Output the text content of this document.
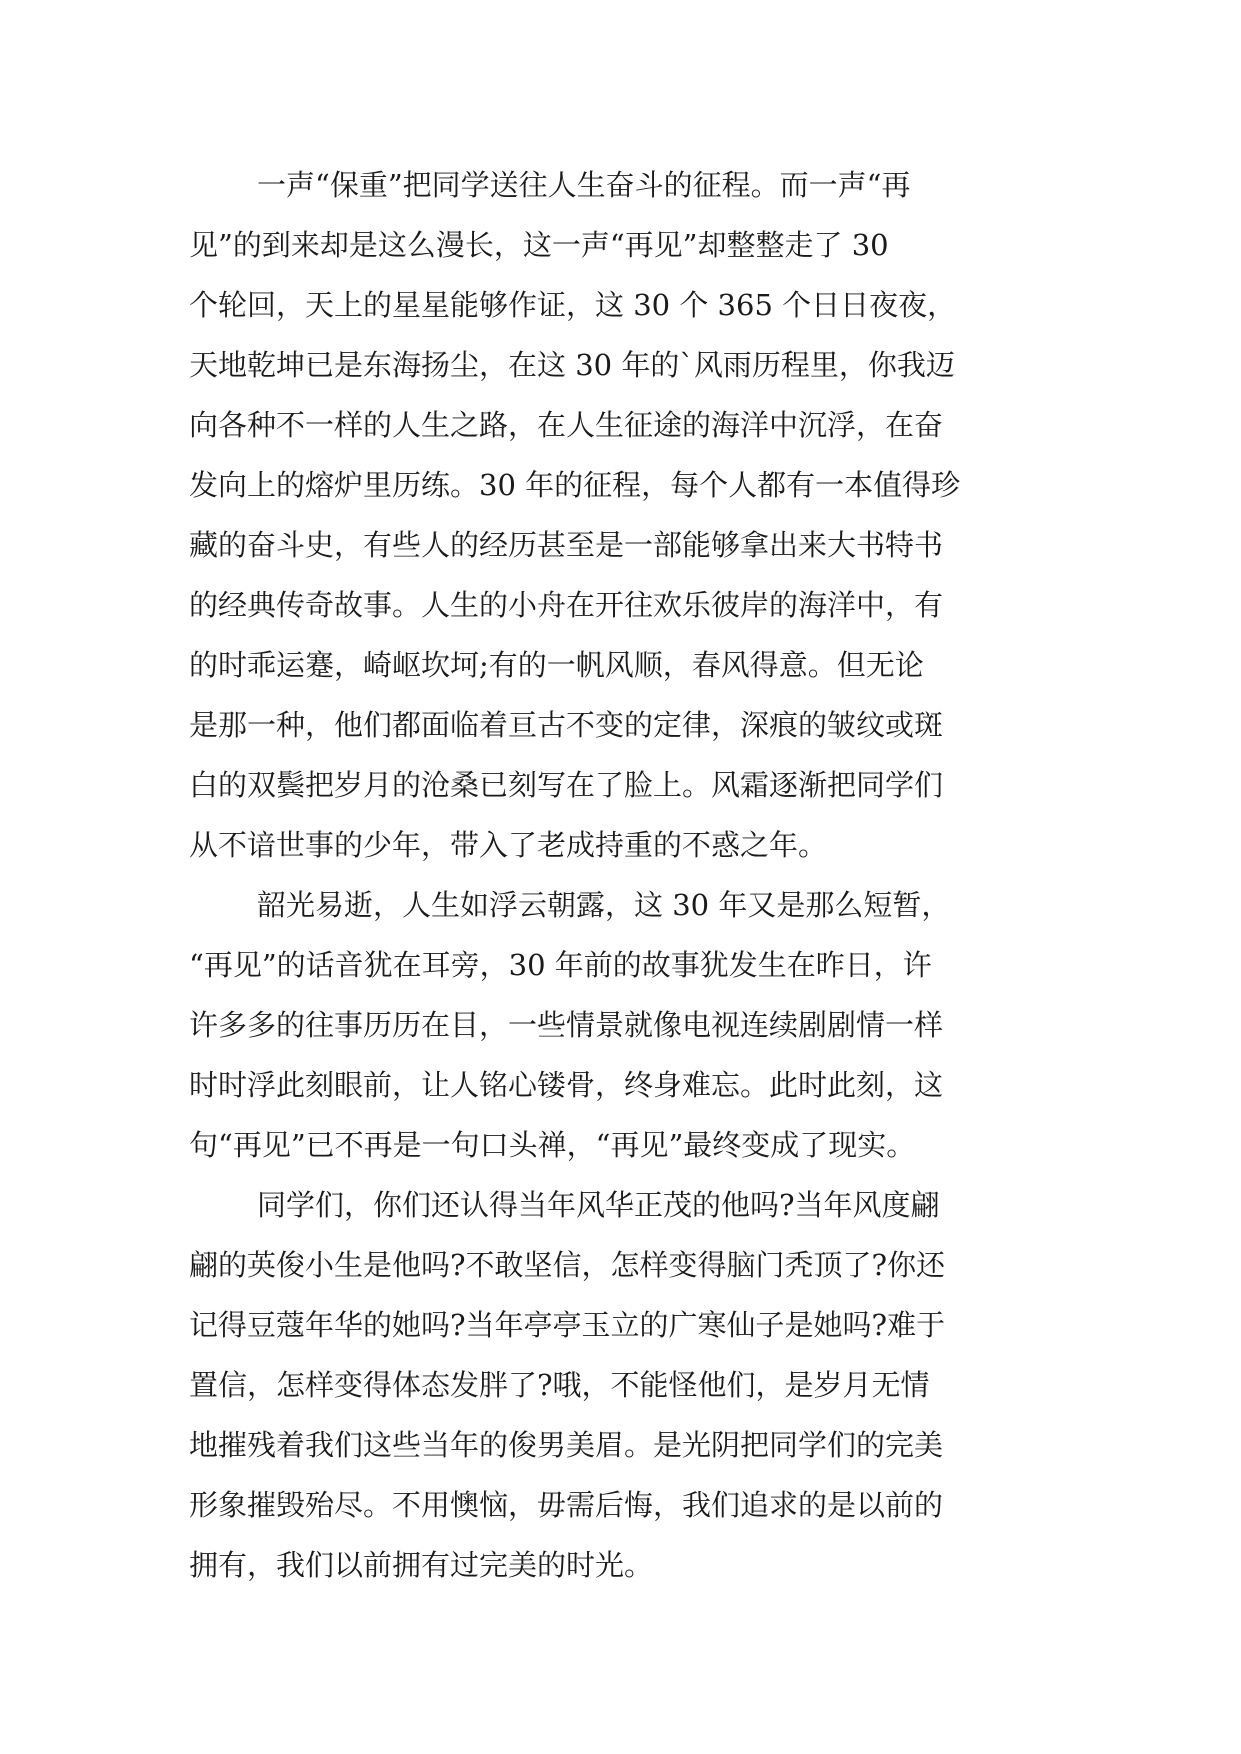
一声“保重”把同学送往人生奋斗的征程。而一声“再
见”的到来却是这么漫长，这一声“再见”却整整走了 30
个轮回，天上的星星能够作证，这 30 个 365 个日日夜夜，
天地乾坤已是东海扬尘，在这 30 年的`风雨历程里，你我迈
向各种不一样的人生之路，在人生征途的海洋中沉浮，在奋
发向上的熔炉里历练。30 年的征程，每个人都有一本值得珍
藏的奋斗史，有些人的经历甚至是一部能够拿出来大书特书
的经典传奇故事。人生的小舟在开往欢乐彼岸的海洋中，有
的时乖运蹇，崎岖坎坷;有的一帆风顺，春风得意。但无论
是那一种，他们都面临着亘古不变的定律，深痕的皱纹或斑
白的双鬓把岁月的沧桑已刻写在了脸上。风霜逐渐把同学们
从不谙世事的少年，带入了老成持重的不惑之年。
韶光易逝，人生如浮云朝露，这 30 年又是那么短暂，
“再见”的话音犹在耳旁，30 年前的故事犹发生在昨日，许
许多多的往事历历在目，一些情景就像电视连续剧剧情一样
时时浮此刻眼前，让人铭心镂骨，终身难忘。此时此刻，这
句“再见”已不再是一句口头禅，“再见”最终变成了现实。
同学们，你们还认得当年风华正茂的他吗?当年风度翩
翩的英俊小生是他吗?不敢坚信，怎样变得脑门秃顶了?你还
记得豆蔻年华的她吗?当年亭亭玉立的广寒仙子是她吗?难于
置信，怎样变得体态发胖了?哦，不能怪他们，是岁月无情
地摧残着我们这些当年的俊男美眉。是光阴把同学们的完美
形象摧毁殆尽。不用懊恼，毋需后悔，我们追求的是以前的
拥有，我们以前拥有过完美的时光。
